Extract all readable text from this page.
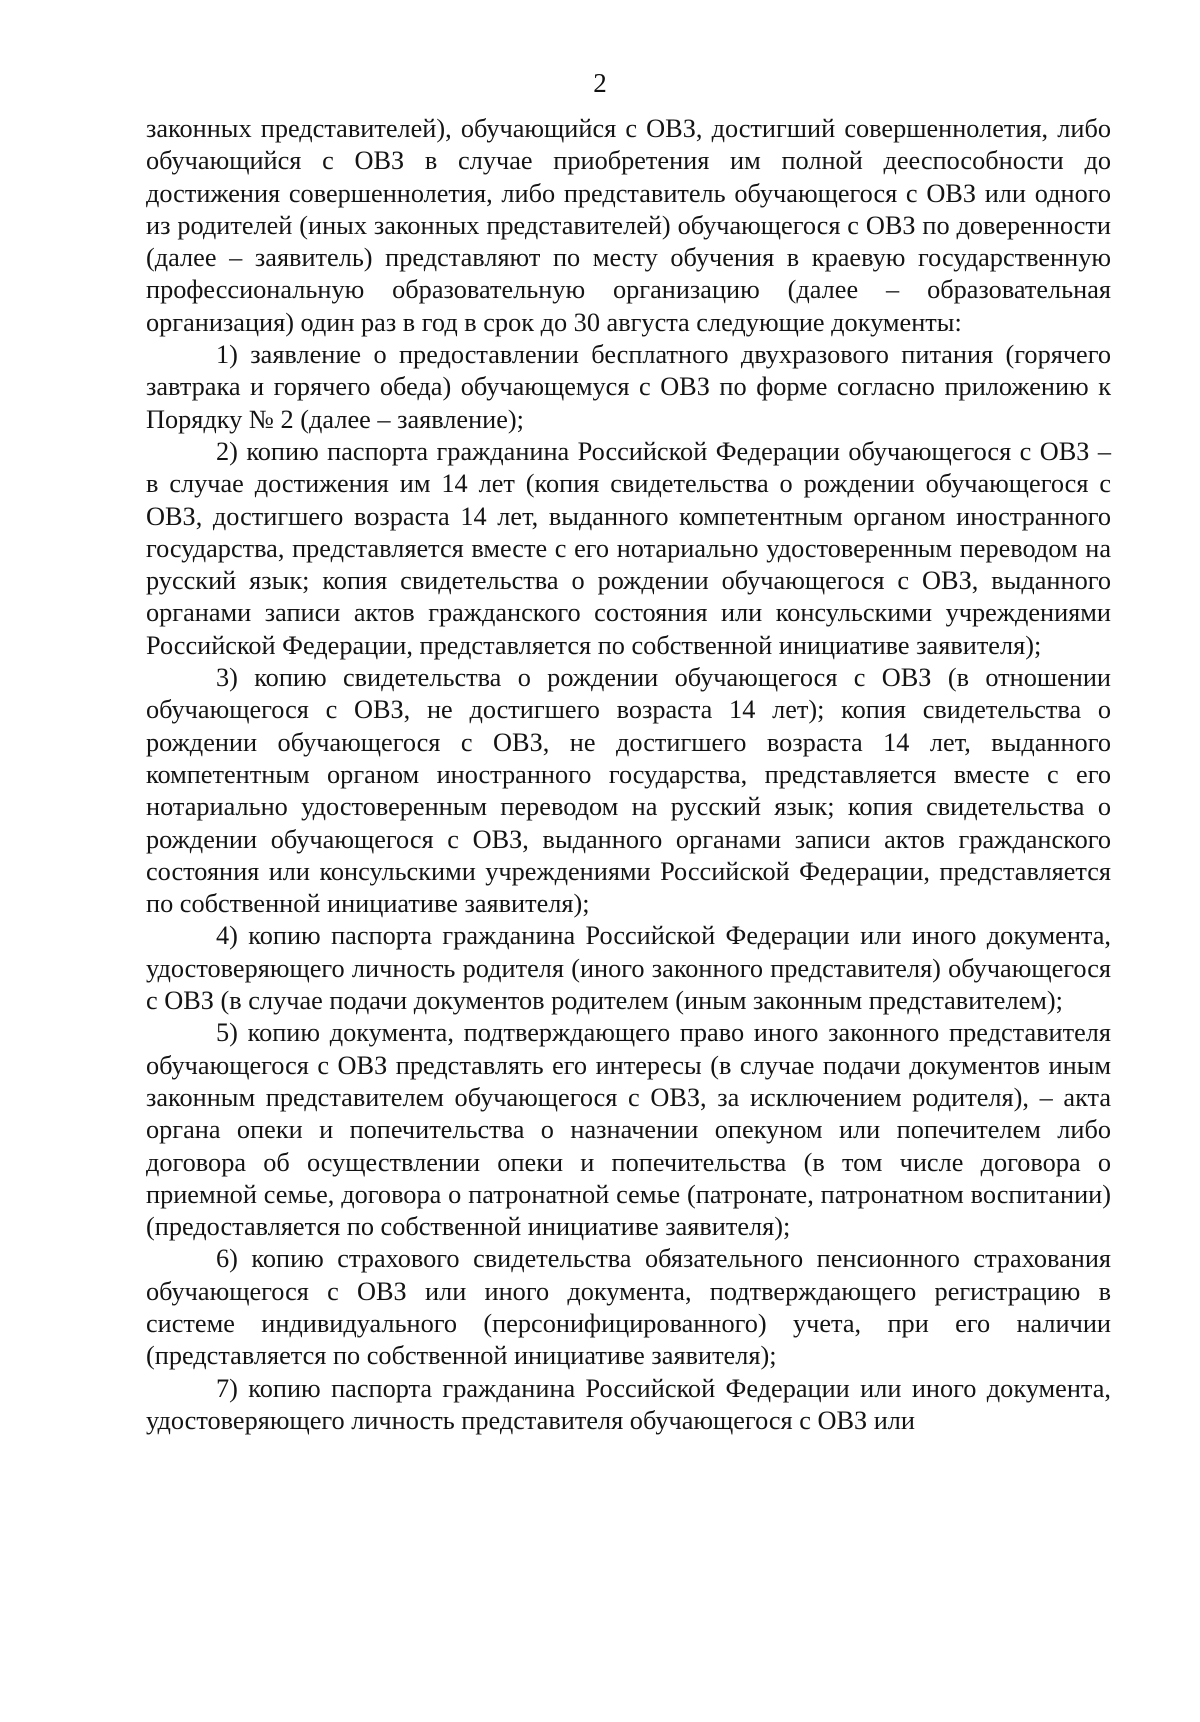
2

законных представителей), обучающийся с ОВЗ, достигший совершеннолетия, либо обучающийся с ОВЗ в случае приобретения им полной дееспособности до достижения совершеннолетия, либо представитель обучающегося с ОВЗ или одного из родителей (иных законных представителей) обучающегося с ОВЗ по доверенности (далее – заявитель) представляют по месту обучения в краевую государственную профессиональную образовательную организацию (далее – образовательная организация) один раз в год в срок до 30 августа следующие документы:

1) заявление о предоставлении бесплатного двухразового питания (горячего завтрака и горячего обеда) обучающемуся с ОВЗ по форме согласно приложению к Порядку № 2 (далее – заявление);

2) копию паспорта гражданина Российской Федерации обучающегося с ОВЗ – в случае достижения им 14 лет (копия свидетельства о рождении обучающегося с ОВЗ, достигшего возраста 14 лет, выданного компетентным органом иностранного государства, представляется вместе с его нотариально удостоверенным переводом на русский язык; копия свидетельства о рождении обучающегося с ОВЗ, выданного органами записи актов гражданского состояния или консульскими учреждениями Российской Федерации, представляется по собственной инициативе заявителя);

3) копию свидетельства о рождении обучающегося с ОВЗ (в отношении обучающегося с ОВЗ, не достигшего возраста 14 лет); копия свидетельства о рождении обучающегося с ОВЗ, не достигшего возраста 14 лет, выданного компетентным органом иностранного государства, представляется вместе с его нотариально удостоверенным переводом на русский язык; копия свидетельства о рождении обучающегося с ОВЗ, выданного органами записи актов гражданского состояния или консульскими учреждениями Российской Федерации, представляется по собственной инициативе заявителя);

4) копию паспорта гражданина Российской Федерации или иного документа, удостоверяющего личность родителя (иного законного представителя) обучающегося с ОВЗ (в случае подачи документов родителем (иным законным представителем);

5) копию документа, подтверждающего право иного законного представителя обучающегося с ОВЗ представлять его интересы (в случае подачи документов иным законным представителем обучающегося с ОВЗ, за исключением родителя), – акта органа опеки и попечительства о назначении опекуном или попечителем либо договора об осуществлении опеки и попечительства (в том числе договора о приемной семье, договора о патронатной семье (патронате, патронатном воспитании) (предоставляется по собственной инициативе заявителя);

6) копию страхового свидетельства обязательного пенсионного страхования обучающегося с ОВЗ или иного документа, подтверждающего регистрацию в системе индивидуального (персонифицированного) учета, при его наличии (представляется по собственной инициативе заявителя);

7) копию паспорта гражданина Российской Федерации или иного документа, удостоверяющего личность представителя обучающегося с ОВЗ или
